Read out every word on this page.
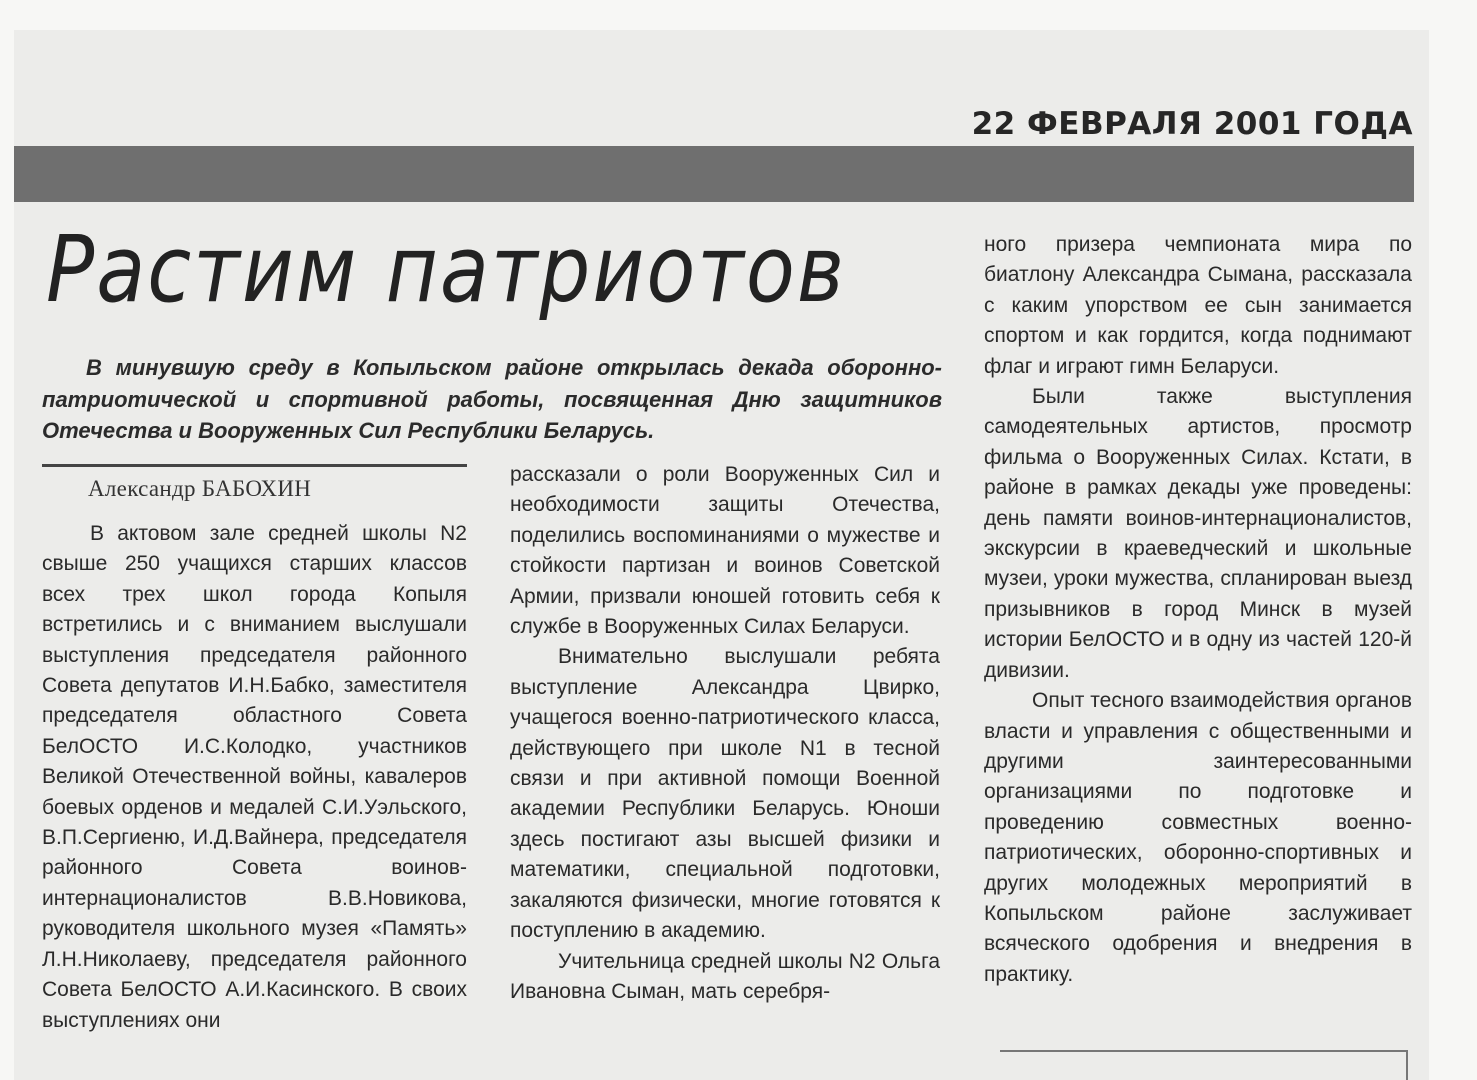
22 ФЕВРАЛЯ 2001 ГОДА
Растим патриотов
В минувшую среду в Копыльском районе открылась декада оборонно-патриотической и спортивной работы, посвященная Дню защитников Отечества и Вооруженных Сил Республики Беларусь.
Александр БАБОХИН

В актовом зале средней школы N2 свыше 250 учащихся старших классов всех трех школ города Копыля встретились и с вниманием выслушали выступления председателя районного Совета депутатов И.Н.Бабко, заместителя председателя областного Совета БелОСТО И.С.Колодко, участников Великой Отечественной войны, кавалеров боевых орденов и медалей С.И.Уэльского, В.П.Сергиеню, И.Д.Вайнера, председателя районного Совета воинов-интернационалистов В.В.Новикова, руководителя школьного музея «Память» Л.Н.Николаеву, председателя районного Совета БелОСТО А.И.Касинского. В своих выступлениях они

рассказали о роли Вооруженных Сил и необходимости защиты Отечества, поделились воспоминаниями о мужестве и стойкости партизан и воинов Советской Армии, призвали юношей готовить себя к службе в Вооруженных Силах Беларуси.

Внимательно выслушали ребята выступление Александра Цвирко, учащегося военно-патриотического класса, действующего при школе N1 в тесной связи и при активной помощи Военной академии Республики Беларусь. Юноши здесь постигают азы высшей физики и математики, специальной подготовки, закаляются физически, многие готовятся к поступлению в академию.

Учительница средней школы N2 Ольга Ивановна Сыман, мать серебря-

ного призера чемпионата мира по биатлону Александра Сымана, рассказала с каким упорством ее сын занимается спортом и как гордится, когда поднимают флаг и играют гимн Беларуси.

Были также выступления самодеятельных артистов, просмотр фильма о Вооруженных Силах. Кстати, в районе в рамках декады уже проведены: день памяти воинов-интернационалистов, экскурсии в краеведческий и школьные музеи, уроки мужества, спланирован выезд призывников в город Минск в музей истории БелОСТО и в одну из частей 120-й дивизии.

Опыт тесного взаимодействия органов власти и управления с общественными и другими заинтересованными организациями по подготовке и проведению совместных военно-патриотических, оборонно-спортивных и других молодежных мероприятий в Копыльском районе заслуживает всяческого одобрения и внедрения в практику.
